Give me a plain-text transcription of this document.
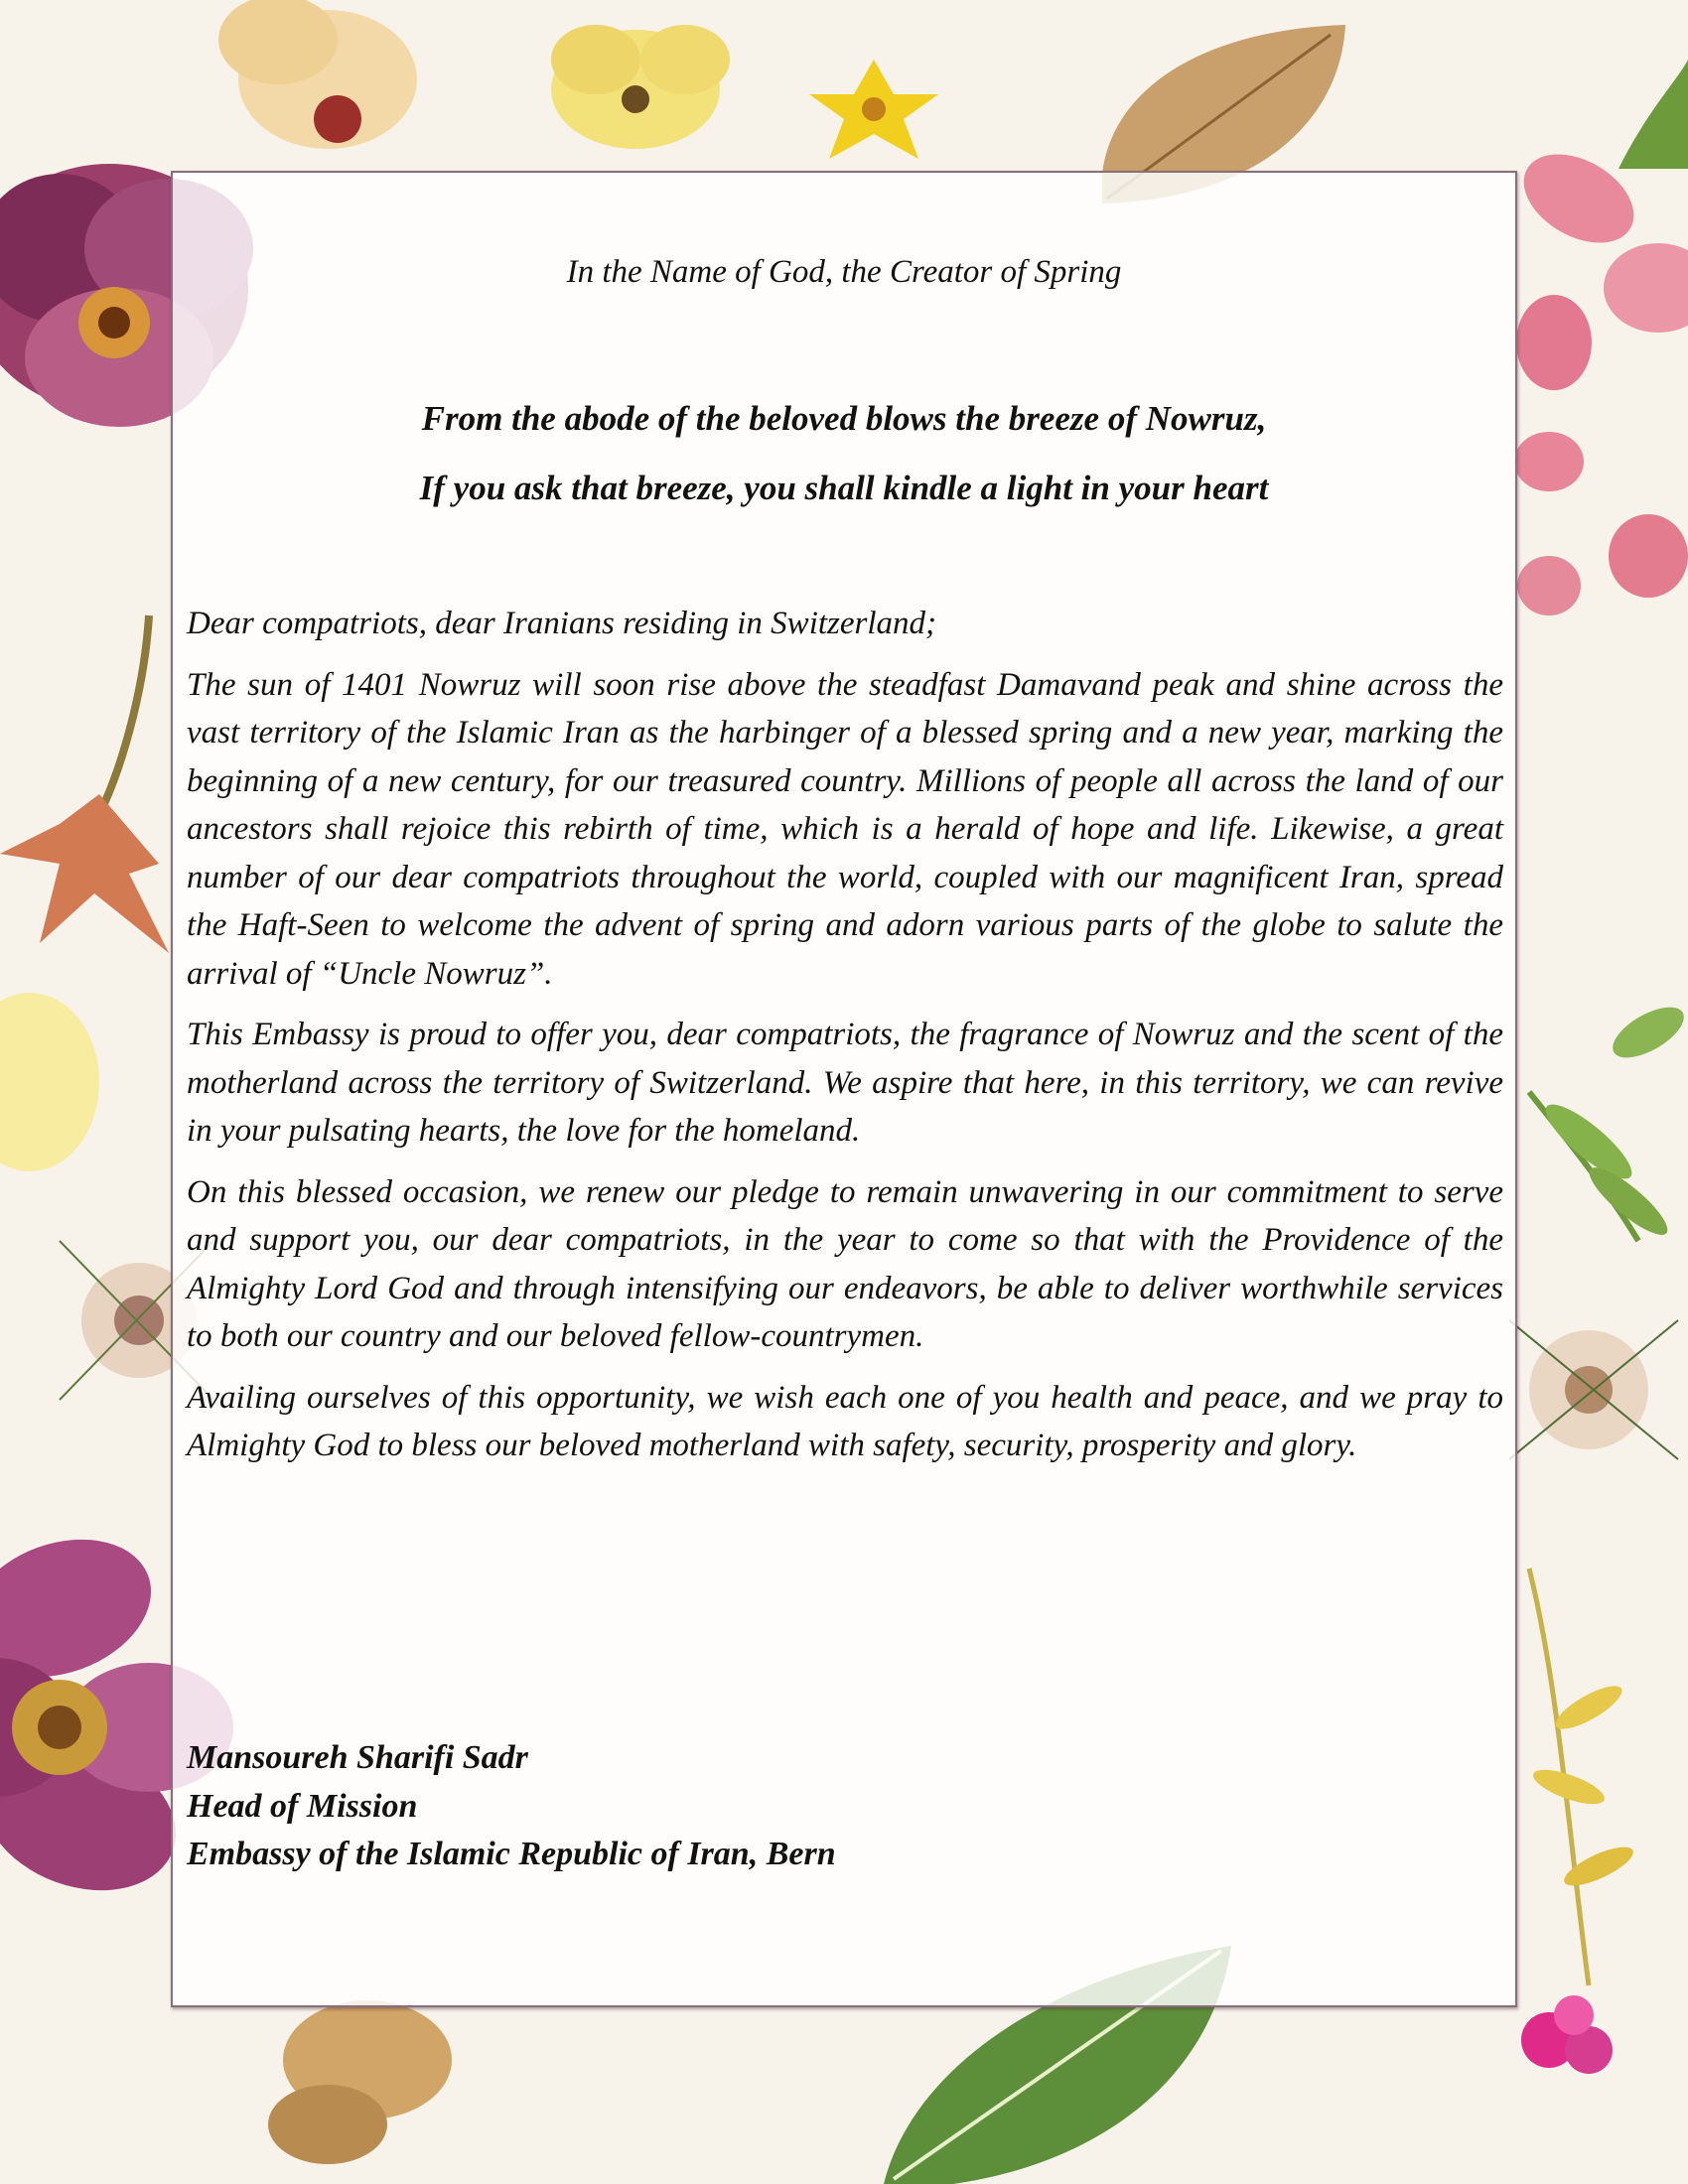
In the Name of God, the Creator of Spring
From the abode of the beloved blows the breeze of Nowruz,
If you ask that breeze, you shall kindle a light in your heart

Dear compatriots, dear Iranians residing in Switzerland;

The sun of 1401 Nowruz will soon rise above the steadfast Damavand peak and shine across the vast territory of the Islamic Iran as the harbinger of a blessed spring and a new year, marking the beginning of a new century, for our treasured country. Millions of people all across the land of our ancestors shall rejoice this rebirth of time, which is a herald of hope and life. Likewise, a great number of our dear compatriots throughout the world, coupled with our magnificent Iran, spread the Haft-Seen to welcome the advent of spring and adorn various parts of the globe to salute the arrival of “Uncle Nowruz”.

This Embassy is proud to offer you, dear compatriots, the fragrance of Nowruz and the scent of the motherland across the territory of Switzerland. We aspire that here, in this territory, we can revive in your pulsating hearts, the love for the homeland.

On this blessed occasion, we renew our pledge to remain unwavering in our commitment to serve and support you, our dear compatriots, in the year to come so that with the Providence of the Almighty Lord God and through intensifying our endeavors, be able to deliver worthwhile services to both our country and our beloved fellow-countrymen.

Availing ourselves of this opportunity, we wish each one of you health and peace, and we pray to Almighty God to bless our beloved motherland with safety, security, prosperity and glory.

Mansoureh Sharifi Sadr
Head of Mission
Embassy of the Islamic Republic of Iran, Bern
